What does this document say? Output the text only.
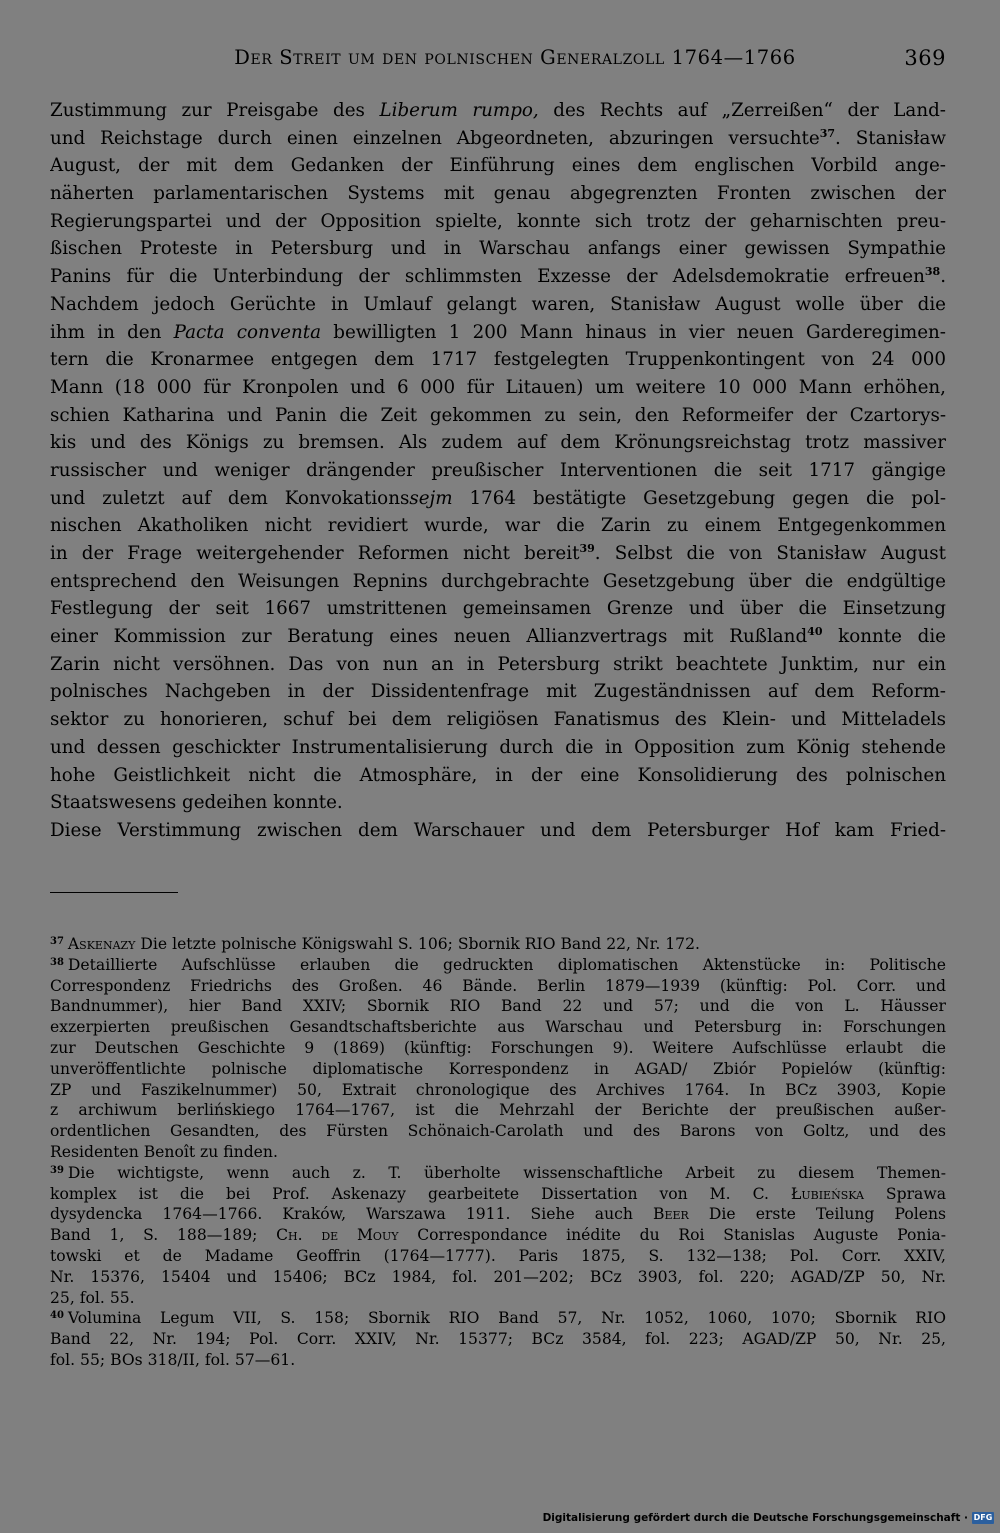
Der Streit um den polnischen Generalzoll 1764—1766	369
Zustimmung zur Preisgabe des Liberum rumpo, des Rechts auf „Zerreißen“ der Land-
und Reichstage durch einen einzelnen Abgeordneten, abzuringen versuchte$^{37}$. Stanisław
August, der mit dem Gedanken der Einführung eines dem englischen Vorbild ange-
näherten parlamentarischen Systems mit genau abgegrenzten Fronten zwischen der
Regierungspartei und der Opposition spielte, konnte sich trotz der geharnischten preu-
ßischen Proteste in Petersburg und in Warschau anfangs einer gewissen Sympathie
Panins für die Unterbindung der schlimmsten Exzesse der Adelsdemokratie erfreuen$^{38}$.
Nachdem jedoch Gerüchte in Umlauf gelangt waren, Stanisław August wolle über die
ihm in den Pacta conventa bewilligten 1 200 Mann hinaus in vier neuen Garderegimen-
tern die Kronarmee entgegen dem 1717 festgelegten Truppenkontingent von 24 000
Mann (18 000 für Kronpolen und 6 000 für Litauen) um weitere 10 000 Mann erhöhen,
schien Katharina und Panin die Zeit gekommen zu sein, den Reformeifer der Czartorys-
kis und des Königs zu bremsen. Als zudem auf dem Krönungsreichstag trotz massiver
russischer und weniger drängender preußischer Interventionen die seit 1717 gängige
und zuletzt auf dem Konvokationssejm 1764 bestätigte Gesetzgebung gegen die pol-
nischen Akatholiken nicht revidiert wurde, war die Zarin zu einem Entgegenkommen
in der Frage weitergehender Reformen nicht bereit$^{39}$. Selbst die von Stanisław August
entsprechend den Weisungen Repnins durchgebrachte Gesetzgebung über die endgültige
Festlegung der seit 1667 umstrittenen gemeinsamen Grenze und über die Einsetzung
einer Kommission zur Beratung eines neuen Allianzvertrags mit Rußland$^{40}$ konnte die
Zarin nicht versöhnen. Das von nun an in Petersburg strikt beachtete Junktim, nur ein
polnisches Nachgeben in der Dissidentenfrage mit Zugeständnissen auf dem Reform-
sektor zu honorieren, schuf bei dem religiösen Fanatismus des Klein- und Mitteladels
und dessen geschickter Instrumentalisierung durch die in Opposition zum König stehende
hohe Geistlichkeit nicht die Atmosphäre, in der eine Konsolidierung des polnischen
Staatswesens gedeihen konnte.
Diese Verstimmung zwischen dem Warschauer und dem Petersburger Hof kam Fried-
$^{37}$ Askenazy Die letzte polnische Königswahl S. 106; Sbornik RIO Band 22, Nr. 172.
$^{38}$ Detaillierte Aufschlüsse erlauben die gedruckten diplomatischen Aktenstücke in: Politische
Correspondenz Friedrichs des Großen. 46 Bände. Berlin 1879—1939 (künftig: Pol. Corr. und
Bandnummer), hier Band XXIV; Sbornik RIO Band 22 und 57; und die von L. Häusser
exzerpierten preußischen Gesandtschaftsberichte aus Warschau und Petersburg in: Forschungen
zur Deutschen Geschichte 9 (1869) (künftig: Forschungen 9). Weitere Aufschlüsse erlaubt die
unveröffentlichte polnische diplomatische Korrespondenz in AGAD/ Zbiór Popielów (künftig:
ZP und Faszikelnummer) 50, Extrait chronologique des Archives 1764. In BCz 3903, Kopie
z archiwum berlińskiego 1764—1767, ist die Mehrzahl der Berichte der preußischen außer-
ordentlichen Gesandten, des Fürsten Schönaich-Carolath und des Barons von Goltz, und des
Residenten Benoît zu finden.
$^{39}$ Die wichtigste, wenn auch z. T. überholte wissenschaftliche Arbeit zu diesem Themen-
komplex ist die bei Prof. Askenazy gearbeitete Dissertation von M. C. Łubieńska Sprawa
dysydencka 1764—1766. Kraków, Warszawa 1911. Siehe auch Beer Die erste Teilung Polens
Band 1, S. 188—189; Ch. de Mouy Correspondance inédite du Roi Stanislas Auguste Ponia-
towski et de Madame Geoffrin (1764—1777). Paris 1875, S. 132—138; Pol. Corr. XXIV,
Nr. 15376, 15404 und 15406; BCz 1984, fol. 201—202; BCz 3903, fol. 220; AGAD/ZP 50, Nr.
25, fol. 55.
$^{40}$ Volumina Legum VII, S. 158; Sbornik RIO Band 57, Nr. 1052, 1060, 1070; Sbornik RIO
Band 22, Nr. 194; Pol. Corr. XXIV, Nr. 15377; BCz 3584, fol. 223; AGAD/ZP 50, Nr. 25,
fol. 55; BOs 318/II, fol. 57—61.
Digitalisierung gefördert durch die Deutsche Forschungsgemeinschaft · DFG
